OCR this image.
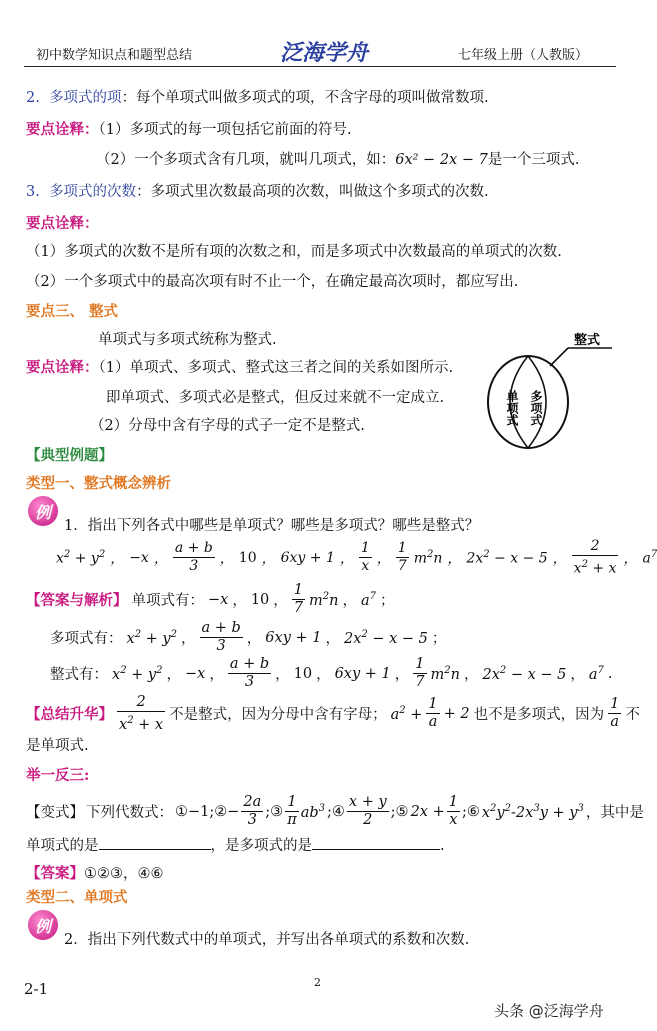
初中数学知识点和题型总结	泛海学舟	七年级上册（人教版）
2. 多项式的项：每个单项式叫做多项式的项，不含字母的项叫做常数项.
要点诠释：（1）多项式的每一项包括它前面的符号.
（2）一个多项式含有几项，就叫几项式，如：6x² − 2x − 7是一个三项式.
3. 多项式的次数：多项式里次数最高项的次数，叫做这个多项式的次数.
要点诠释：
（1）多项式的次数不是所有项的次数之和，而是多项式中次数最高的单项式的次数.
（2）一个多项式中的最高次项有时不止一个，在确定最高次项时，都应写出.
要点三、 整式
单项式与多项式统称为整式.
要点诠释：（1）单项式、多项式、整式这三者之间的关系如图所示.
即单项式、多项式必是整式，但反过来就不一定成立.
（2）分母中含有字母的式子一定不是整式.
整式
单项式 多项式
【典型例题】
类型一、整式概念辨析
例
1．指出下列各式中哪些是单项式？哪些是多项式？哪些是整式？
$x^2 + y^2$ ， −x ， $\frac{a + b}{3}$ ， 10 ， 6xy + 1 ， $\frac{1}{x}$ ， $\frac{1}{7} m^2n$ ， $2x^2 - x - 5$ ， $\frac{2}{x^2 + x}$ ， $a^7$
【答案与解析】 单项式有： −x ， 10 ， $\frac{1}{7} m^2n$ ， $a^7$ ；
多项式有： $x^2 + y^2$ ， $\frac{a + b}{3}$ ， 6xy + 1 ， $2x^2 - x - 5$ ；
整式有： $x^2 + y^2$ ， −x ， $\frac{a + b}{3}$ ， 10 ， 6xy + 1 ， $\frac{1}{7} m^2n$ ， $2x^2 - x - 5$ ， $a^7$ .
【总结升华】 $\frac{2}{x^2 + x}$ 不是整式，因为分母中含有字母； $a^2 + \frac{1}{a} + 2$ 也不是多项式，因为 $\frac{1}{a}$ 不
是单项式.
举一反三:
【变式】 下列代数式： ①−1;②− $\frac{2a}{3}$ ;③ $\frac{1}{\pi} ab^3$ ;④ $\frac{x + y}{2}$ ;⑤ $2x + \frac{1}{x}$ ;⑥ $x^2y^2-2x^3y + y^3$ ，其中是
单项式的是	，是多项式的是	.
【答案】①②③，④⑥
类型二、单项式
例
2．指出下列代数式中的单项式，并写出各单项式的系数和次数.
2-1	2
头条 @泛海学舟
